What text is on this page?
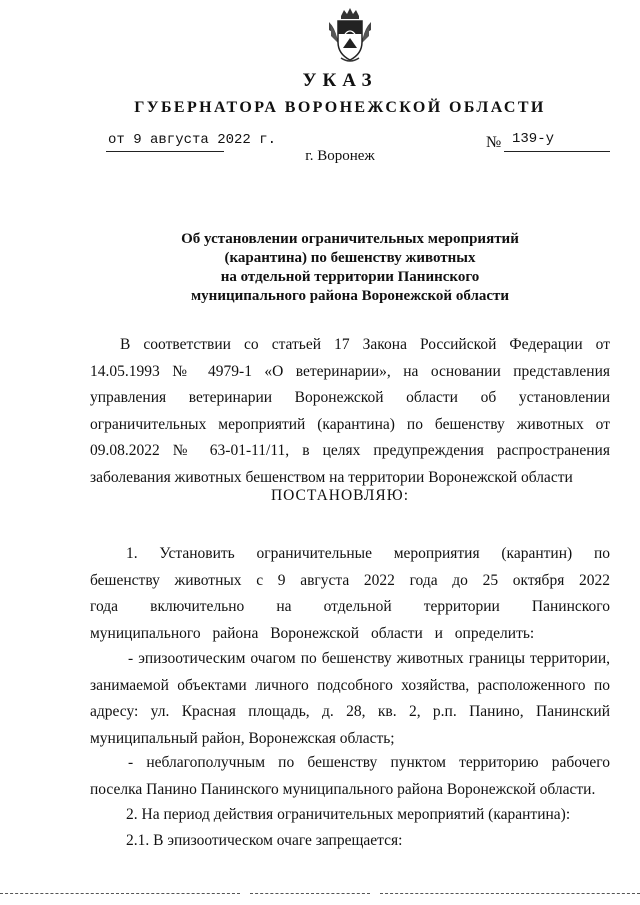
УКАЗ
ГУБЕРНАТОРА ВОРОНЕЖСКОЙ ОБЛАСТИ
от 9 августа 2022 г.	№ 139-у
г. Воронеж
Об установлении ограничительных мероприятий
(карантина) по бешенству животных
на отдельной территории Панинского
муниципального района Воронежской области
В соответствии со статьей 17 Закона Российской Федерации от 14.05.1993 № 4979-1 «О ветеринарии», на основании представления управления ветеринарии Воронежской области об установлении ограничительных мероприятий (карантина) по бешенству животных от 09.08.2022 № 63-01-11/11, в целях предупреждения распространения заболевания животных бешенством на территории Воронежской области
ПОСТАНОВЛЯЮ:
1. Установить ограничительные мероприятия (карантин) по бешенству животных с 9 августа 2022 года до 25 октября 2022 года включительно на отдельной территории Панинского муниципального района Воронежской области и определить:
- эпизоотическим очагом по бешенству животных границы территории, занимаемой объектами личного подсобного хозяйства, расположенного по адресу: ул. Красная площадь, д. 28, кв. 2, р.п. Панино, Панинский муниципальный район, Воронежская область;
- неблагополучным по бешенству пунктом территорию рабочего поселка Панино Панинского муниципального района Воронежской области.
2. На период действия ограничительных мероприятий (карантина):
2.1. В эпизоотическом очаге запрещается:
